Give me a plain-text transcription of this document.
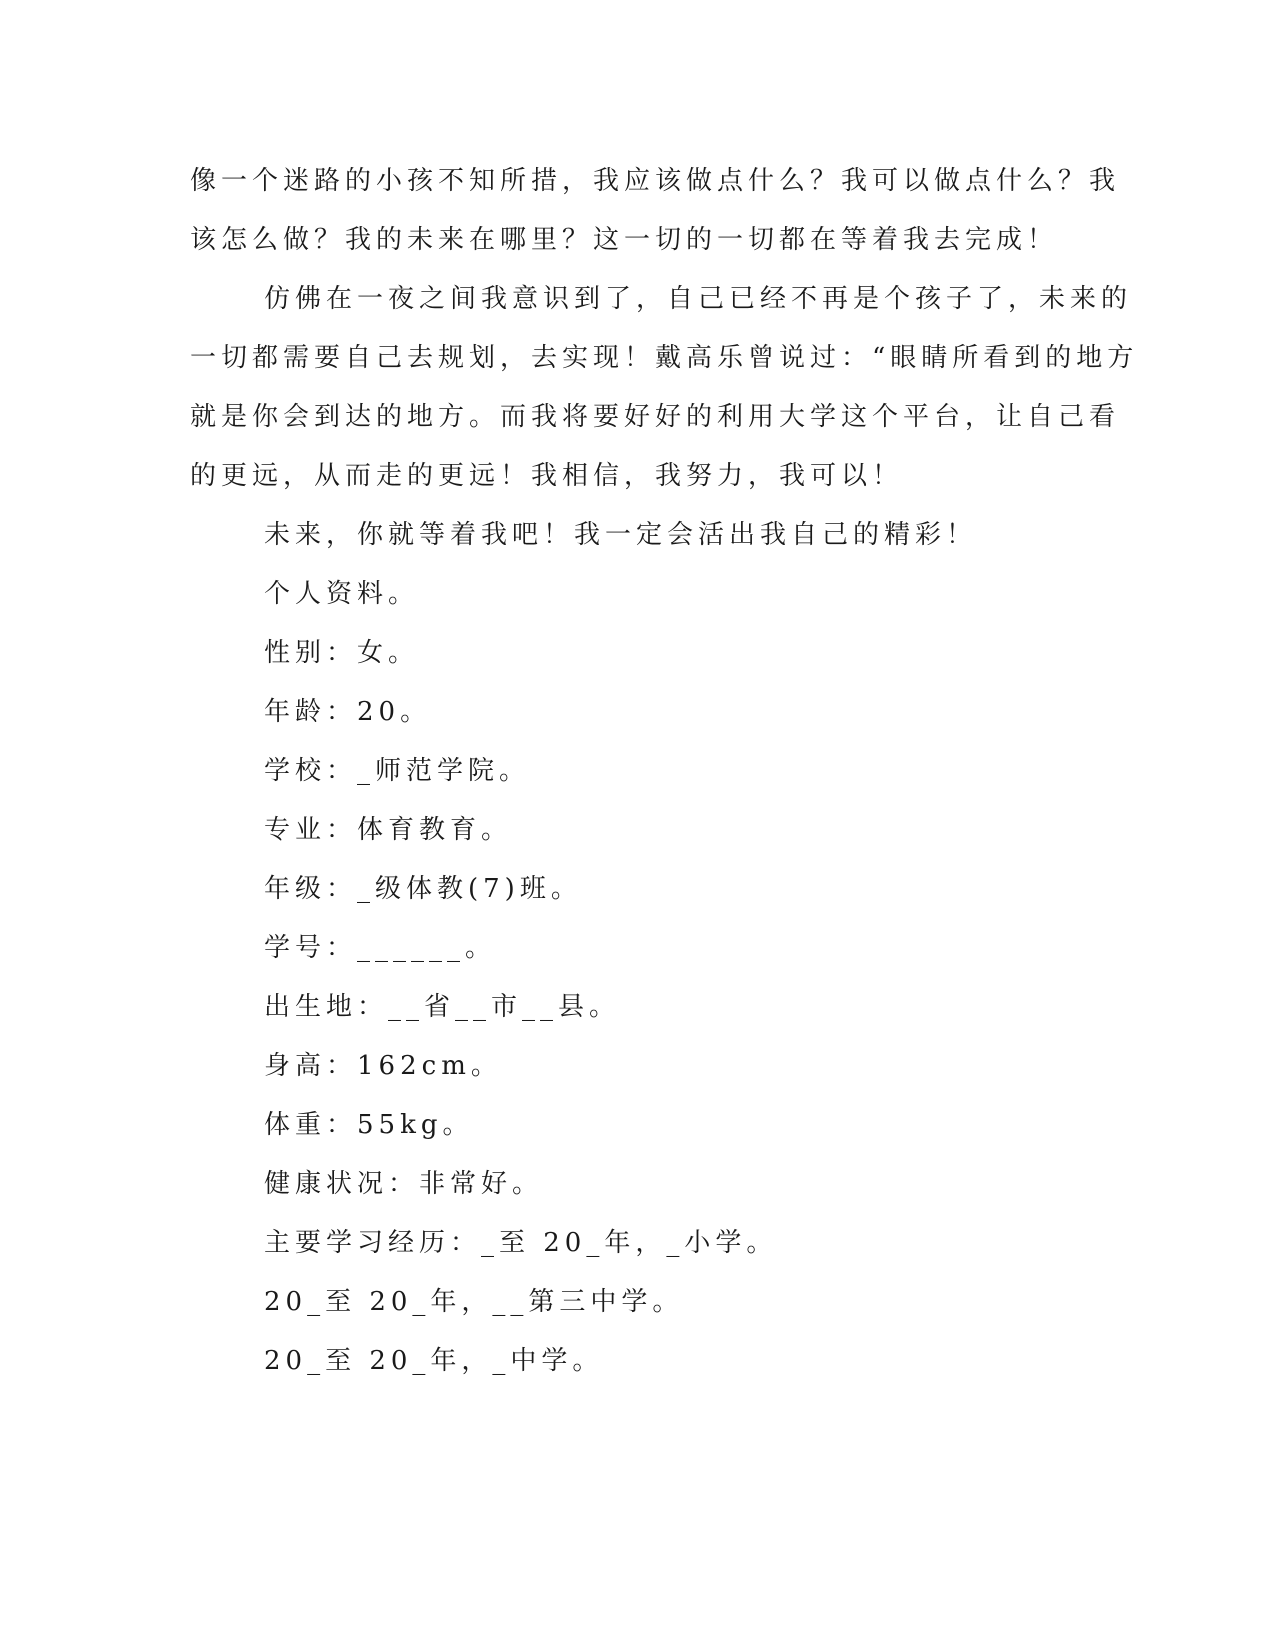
像一个迷路的小孩不知所措，我应该做点什么？我可以做点什么？我
该怎么做？我的未来在哪里？这一切的一切都在等着我去完成！
仿佛在一夜之间我意识到了，自己已经不再是个孩子了，未来的
一切都需要自己去规划，去实现！戴高乐曾说过：“眼睛所看到的地方
就是你会到达的地方。而我将要好好的利用大学这个平台，让自己看
的更远，从而走的更远！我相信，我努力，我可以！
未来，你就等着我吧！我一定会活出我自己的精彩！
个人资料。
性别：女。
年龄：20。
学校：_师范学院。
专业：体育教育。
年级：_级体教(7)班。
学号：______。
出生地：__省__市__县。
身高：162cm。
体重：55kg。
健康状况：非常好。
主要学习经历：_至 20_年，_小学。
20_至 20_年，__第三中学。
20_至 20_年，_中学。
